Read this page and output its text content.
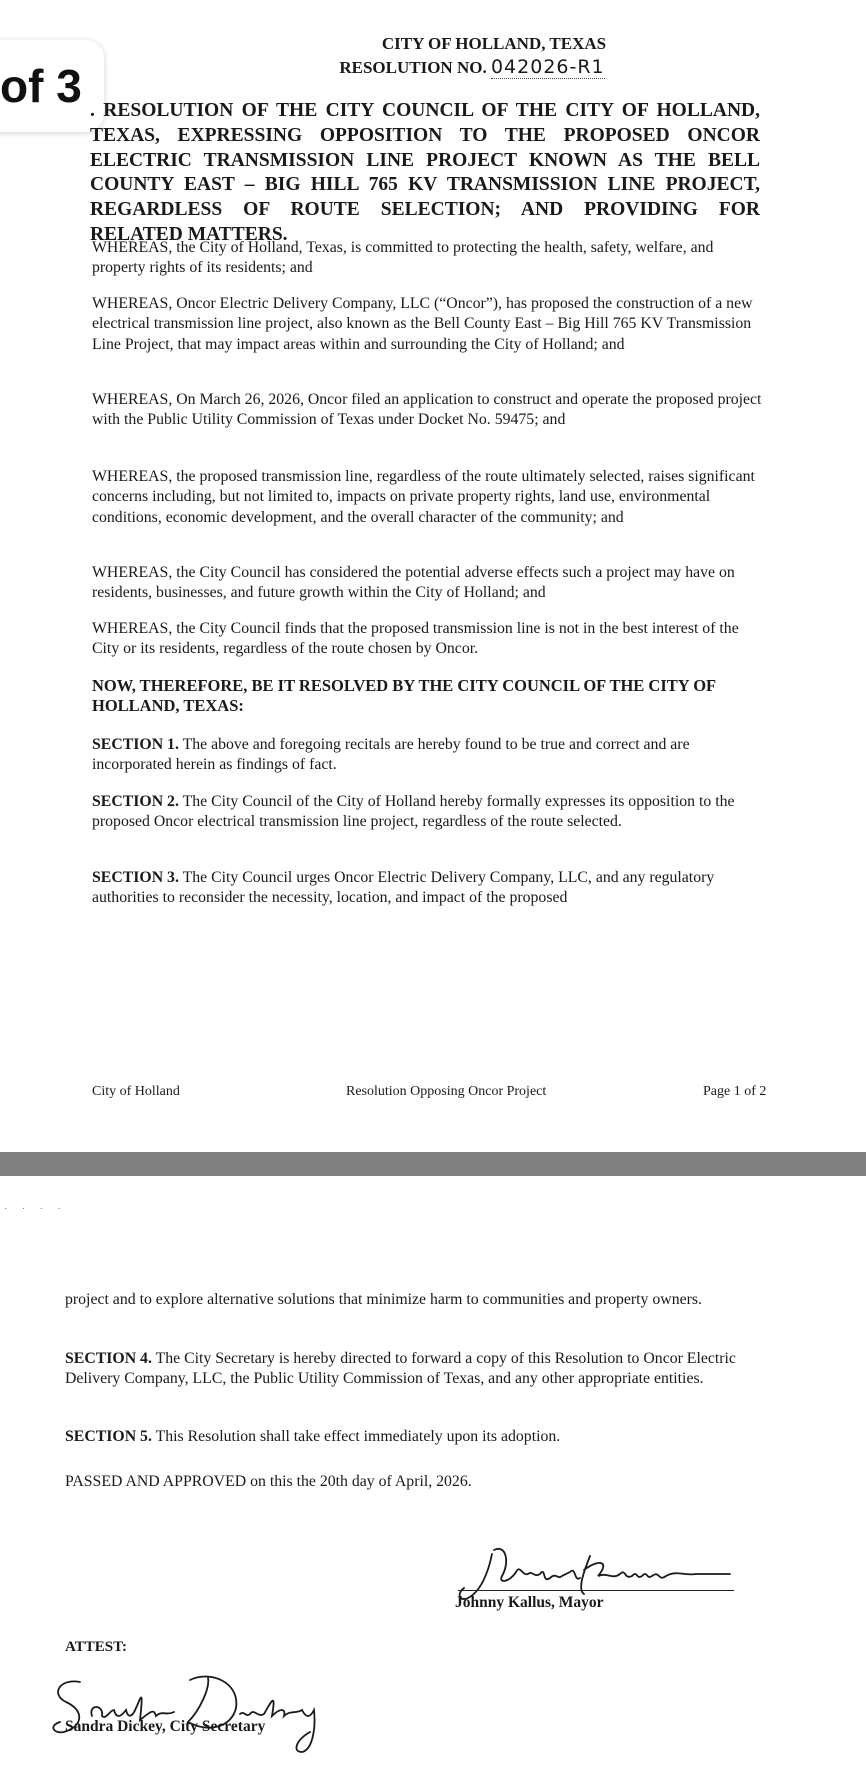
of 3
CITY OF HOLLAND, TEXAS
RESOLUTION NO. 042026-R1
. RESOLUTION OF THE CITY COUNCIL OF THE CITY OF HOLLAND, TEXAS, EXPRESSING OPPOSITION TO THE PROPOSED ONCOR ELECTRIC TRANSMISSION LINE PROJECT KNOWN AS THE BELL COUNTY EAST – BIG HILL 765 KV TRANSMISSION LINE PROJECT, REGARDLESS OF ROUTE SELECTION; AND PROVIDING FOR RELATED MATTERS.
WHEREAS, the City of Holland, Texas, is committed to protecting the health, safety, welfare, and property rights of its residents; and
WHEREAS, Oncor Electric Delivery Company, LLC (“Oncor”), has proposed the construction of a new electrical transmission line project, also known as the Bell County East – Big Hill 765 KV Transmission Line Project, that may impact areas within and surrounding the City of Holland; and
WHEREAS, On March 26, 2026, Oncor filed an application to construct and operate the proposed project with the Public Utility Commission of Texas under Docket No. 59475; and
WHEREAS, the proposed transmission line, regardless of the route ultimately selected, raises significant concerns including, but not limited to, impacts on private property rights, land use, environmental conditions, economic development, and the overall character of the community; and
WHEREAS, the City Council has considered the potential adverse effects such a project may have on residents, businesses, and future growth within the City of Holland; and
WHEREAS, the City Council finds that the proposed transmission line is not in the best interest of the City or its residents, regardless of the route chosen by Oncor.
NOW, THEREFORE, BE IT RESOLVED BY THE CITY COUNCIL OF THE CITY OF HOLLAND, TEXAS:
SECTION 1. The above and foregoing recitals are hereby found to be true and correct and are incorporated herein as findings of fact.
SECTION 2. The City Council of the City of Holland hereby formally expresses its opposition to the proposed Oncor electrical transmission line project, regardless of the route selected.
SECTION 3. The City Council urges Oncor Electric Delivery Company, LLC, and any regulatory authorities to reconsider the necessity, location, and impact of the proposed
City of Holland	Resolution Opposing Oncor Project	Page 1 of 2
· · · ·
project and to explore alternative solutions that minimize harm to communities and property owners.
SECTION 4. The City Secretary is hereby directed to forward a copy of this Resolution to Oncor Electric Delivery Company, LLC, the Public Utility Commission of Texas, and any other appropriate entities.
SECTION 5. This Resolution shall take effect immediately upon its adoption.
PASSED AND APPROVED on this the 20th day of April, 2026.
Johnny Kallus, Mayor
ATTEST:
Sandra Dickey, City Secretary
